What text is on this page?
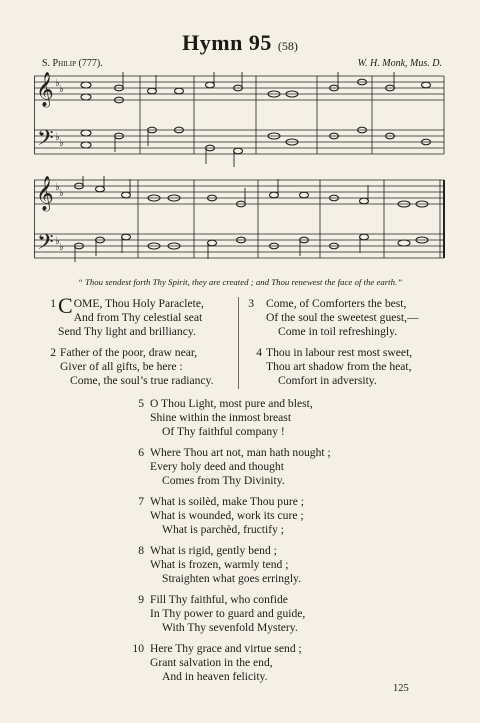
Hymn 95 (58)
S. Philip (777).	W. H. Monk, Mus. D.
𝄞
𝄢
♭
♭
♭
♭
𝄞
𝄢
♭
♭
♭
♭
“ Thou sendest forth Thy Spirit, they are created ; and Thou renewest the face of the earth.”
1 COME, Thou Holy Paraclete,
And from Thy celestial seat
Send Thy light and brilliancy.
2 Father of the poor, draw near,
Giver of all gifts, be here :
Come, the soul’s true radiancy.
3 Come, of Comforters the best,
Of the soul the sweetest guest,—
Come in toil refreshingly.
4 Thou in labour rest most sweet,
Thou art shadow from the heat,
Comfort in adversity.
5 O Thou Light, most pure and blest,
Shine within the inmost breast
Of Thy faithful company !
6 Where Thou art not, man hath nought ;
Every holy deed and thought
Comes from Thy Divinity.
7 What is soilèd, make Thou pure ;
What is wounded, work its cure ;
What is parchèd, fructify ;
8 What is rigid, gently bend ;
What is frozen, warmly tend ;
Straighten what goes erringly.
9 Fill Thy faithful, who confide
In Thy power to guard and guide,
With Thy sevenfold Mystery.
10 Here Thy grace and virtue send ;
Grant salvation in the end,
And in heaven felicity.
125
